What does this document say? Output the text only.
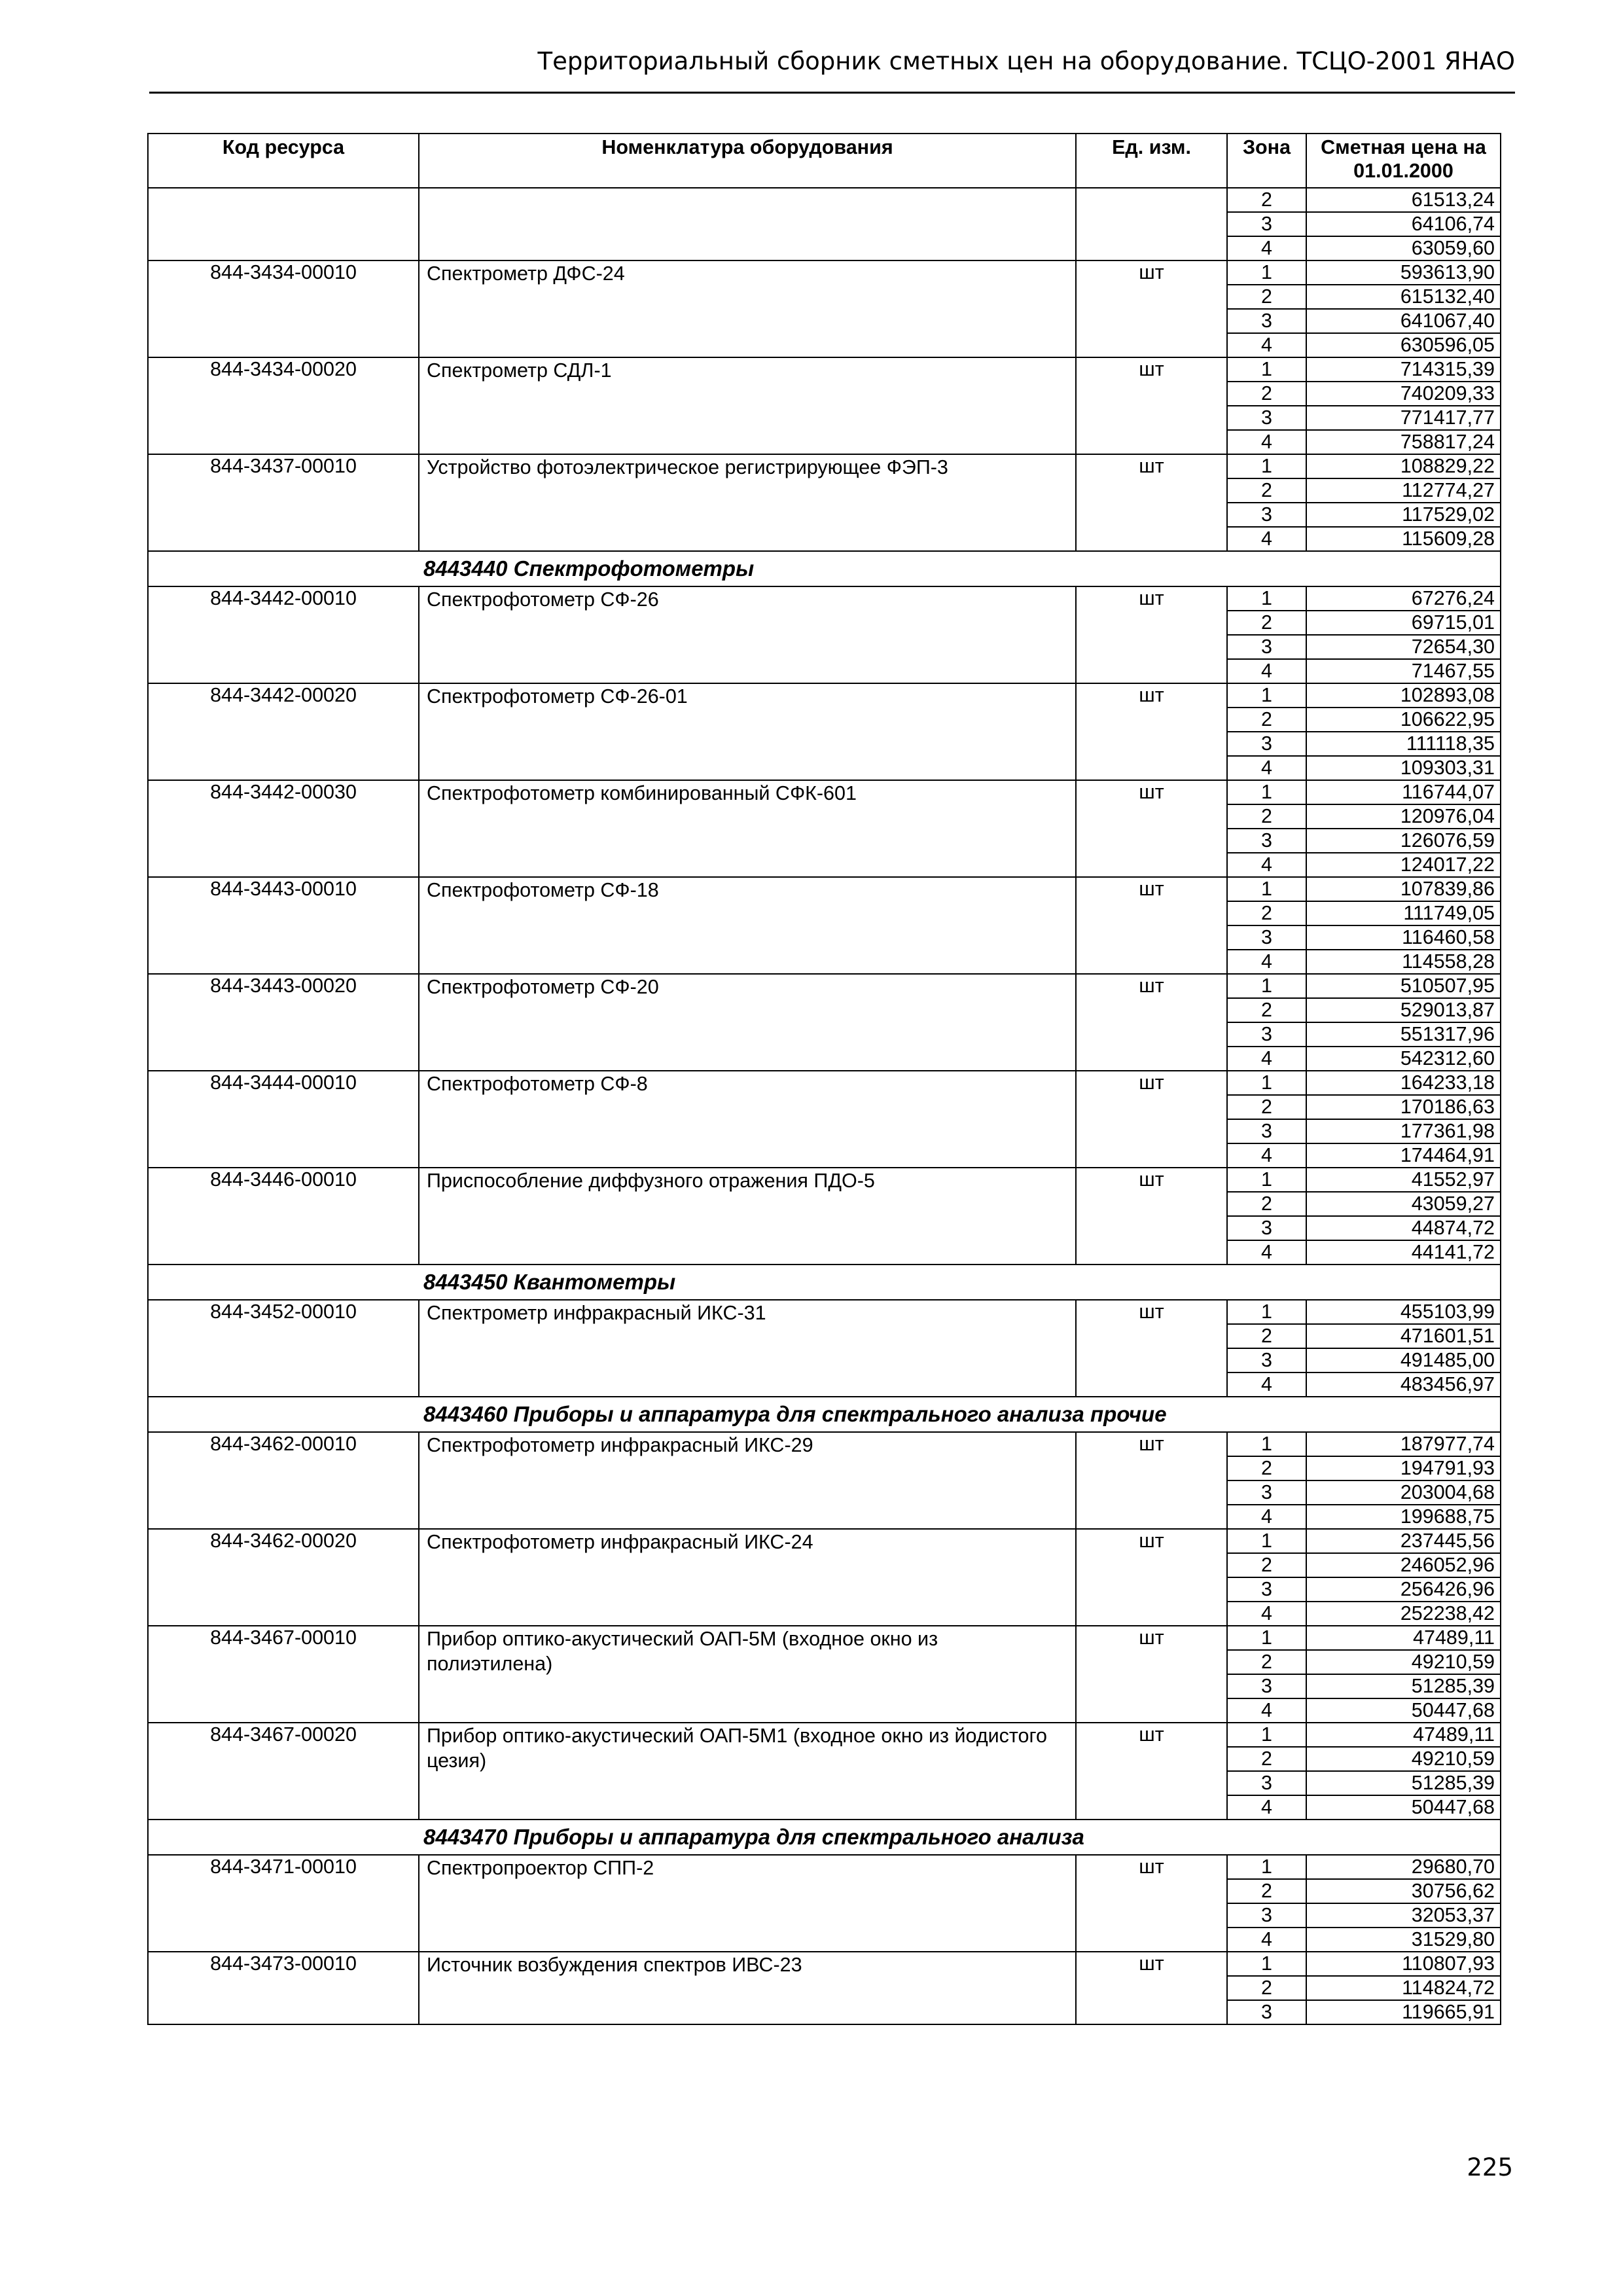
Территориальный сборник сметных цен на оборудование. ТСЦО-2001 ЯНАО
Код ресурса	Номенклатура оборудования	Ед. изм.	Зона	Сметная цена на 01.01.2000
			2	61513,24
			3	64106,74
			4	63059,60
844-3434-00010	Спектрометр ДФС-24	шт	1	593613,90
			2	615132,40
			3	641067,40
			4	630596,05
844-3434-00020	Спектрометр СДЛ-1	шт	1	714315,39
			2	740209,33
			3	771417,77
			4	758817,24
844-3437-00010	Устройство фотоэлектрическое регистрирующее ФЭП-3	шт	1	108829,22
			2	112774,27
			3	117529,02
			4	115609,28
8443440 Спектрофотометры				
844-3442-00010	Спектрофотометр СФ-26	шт	1	67276,24
			2	69715,01
			3	72654,30
			4	71467,55
844-3442-00020	Спектрофотометр СФ-26-01	шт	1	102893,08
			2	106622,95
			3	111118,35
			4	109303,31
844-3442-00030	Спектрофотометр комбинированный СФК-601	шт	1	116744,07
			2	120976,04
			3	126076,59
			4	124017,22
844-3443-00010	Спектрофотометр СФ-18	шт	1	107839,86
			2	111749,05
			3	116460,58
			4	114558,28
844-3443-00020	Спектрофотометр СФ-20	шт	1	510507,95
			2	529013,87
			3	551317,96
			4	542312,60
844-3444-00010	Спектрофотометр СФ-8	шт	1	164233,18
			2	170186,63
			3	177361,98
			4	174464,91
844-3446-00010	Приспособление диффузного отражения ПДО-5	шт	1	41552,97
			2	43059,27
			3	44874,72
			4	44141,72
8443450 Квантометры				
844-3452-00010	Спектрометр инфракрасный ИКС-31	шт	1	455103,99
			2	471601,51
			3	491485,00
			4	483456,97
8443460 Приборы и аппаратура для спектрального анализа прочие				
844-3462-00010	Спектрофотометр инфракрасный ИКС-29	шт	1	187977,74
			2	194791,93
			3	203004,68
			4	199688,75
844-3462-00020	Спектрофотометр инфракрасный ИКС-24	шт	1	237445,56
			2	246052,96
			3	256426,96
			4	252238,42
844-3467-00010	Прибор оптико-акустический ОАП-5М (входное окно из полиэтилена)	шт	1	47489,11
			2	49210,59
			3	51285,39
			4	50447,68
844-3467-00020	Прибор оптико-акустический ОАП-5М1 (входное окно из йодистого цезия)	шт	1	47489,11
			2	49210,59
			3	51285,39
			4	50447,68
8443470 Приборы и аппаратура для спектрального анализа				
844-3471-00010	Спектропроектор СПП-2	шт	1	29680,70
			2	30756,62
			3	32053,37
			4	31529,80
844-3473-00010	Источник возбуждения спектров ИВС-23	шт	1	110807,93
			2	114824,72
			3	119665,91
225
